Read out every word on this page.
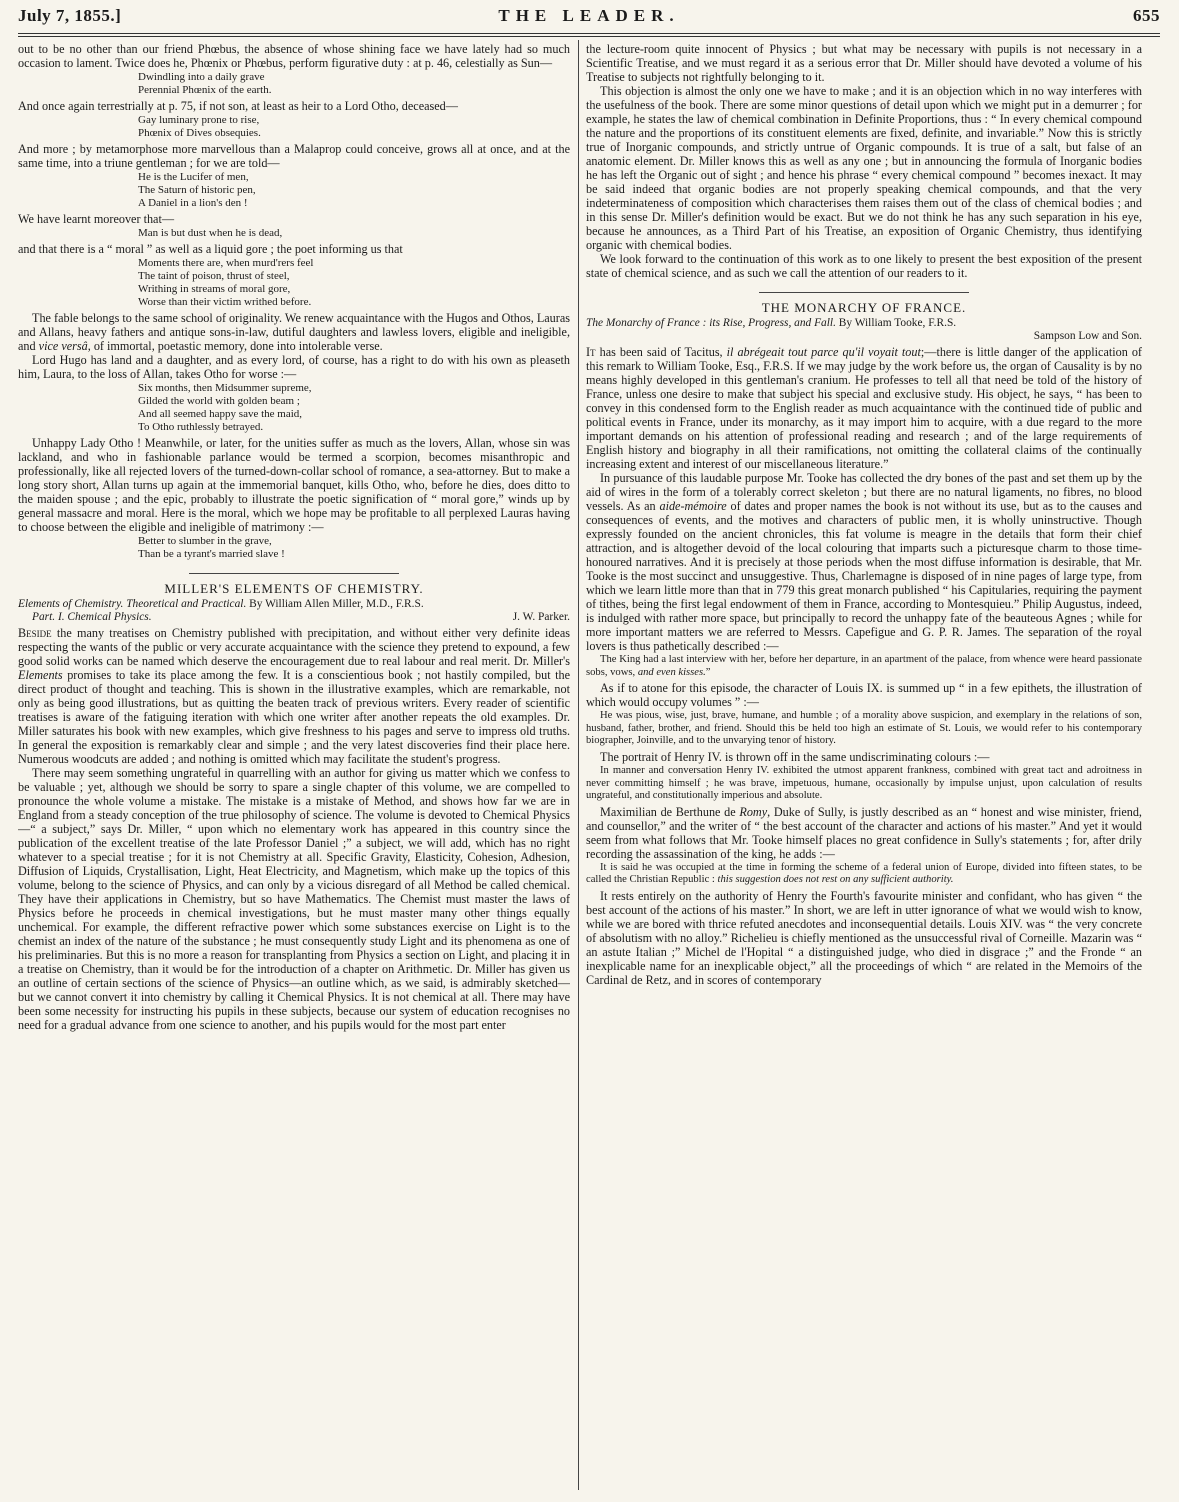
July 7, 1855.]	THE LEADER.	655

out to be no other than our friend Phœbus, the absence of whose shining face we have lately had so much occasion to lament. Twice does he, Phœnix or Phœbus, perform figurative duty : at p. 46, celestially as Sun—

Dwindling into a daily grave
Perennial Phœnix of the earth.

And once again terrestrially at p. 75, if not son, at least as heir to a Lord Otho, deceased—

Gay luminary prone to rise,
Phœnix of Dives obsequies.

And more ; by metamorphose more marvellous than a Malaprop could conceive, grows all at once, and at the same time, into a triune gentleman ; for we are told—

He is the Lucifer of men,
The Saturn of historic pen,
A Daniel in a lion's den !

We have learnt moreover that—

Man is but dust when he is dead,

and that there is a “ moral ” as well as a liquid gore ; the poet informing us that

Moments there are, when murd'rers feel
The taint of poison, thrust of steel,
Writhing in streams of moral gore,
Worse than their victim writhed before.

The fable belongs to the same school of originality. We renew acquaintance with the Hugos and Othos, Lauras and Allans, heavy fathers and antique sons-in-law, dutiful daughters and lawless lovers, eligible and ineligible, and vice versâ, of immortal, poetastic memory, done into intolerable verse.

Lord Hugo has land and a daughter, and as every lord, of course, has a right to do with his own as pleaseth him, Laura, to the loss of Allan, takes Otho for worse :—

Six months, then Midsummer supreme,
Gilded the world with golden beam ;
And all seemed happy save the maid,
To Otho ruthlessly betrayed.

Unhappy Lady Otho ! Meanwhile, or later, for the unities suffer as much as the lovers, Allan, whose sin was lackland, and who in fashionable parlance would be termed a scorpion, becomes misanthropic and professionally, like all rejected lovers of the turned-down-collar school of romance, a sea-attorney. But to make a long story short, Allan turns up again at the immemorial banquet, kills Otho, who, before he dies, does ditto to the maiden spouse ; and the epic, probably to illustrate the poetic signification of “ moral gore,” winds up by general massacre and moral. Here is the moral, which we hope may be profitable to all perplexed Lauras having to choose between the eligible and ineligible of matrimony :—

Better to slumber in the grave,
Than be a tyrant's married slave !
MILLER'S ELEMENTS OF CHEMISTRY.
Elements of Chemistry. Theoretical and Practical. By William Allen Miller, M.D., F.R.S.
Part. I. Chemical Physics.	J. W. Parker.

Beside the many treatises on Chemistry published with precipitation, and without either very definite ideas respecting the wants of the public or very accurate acquaintance with the science they pretend to expound, a few good solid works can be named which deserve the encouragement due to real labour and real merit. Dr. Miller's Elements promises to take its place among the few. It is a conscientious book ; not hastily compiled, but the direct product of thought and teaching. This is shown in the illustrative examples, which are remarkable, not only as being good illustrations, but as quitting the beaten track of previous writers. Every reader of scientific treatises is aware of the fatiguing iteration with which one writer after another repeats the old examples. Dr. Miller saturates his book with new examples, which give freshness to his pages and serve to impress old truths. In general the exposition is remarkably clear and simple ; and the very latest discoveries find their place here. Numerous woodcuts are added ; and nothing is omitted which may facilitate the student's progress.

There may seem something ungrateful in quarrelling with an author for giving us matter which we confess to be valuable ; yet, although we should be sorry to spare a single chapter of this volume, we are compelled to pronounce the whole volume a mistake. The mistake is a mistake of Method, and shows how far we are in England from a steady conception of the true philosophy of science. The volume is devoted to Chemical Physics—“ a subject,” says Dr. Miller, “ upon which no elementary work has appeared in this country since the publication of the excellent treatise of the late Professor Daniel ;” a subject, we will add, which has no right whatever to a special treatise ; for it is not Chemistry at all. Specific Gravity, Elasticity, Cohesion, Adhesion, Diffusion of Liquids, Crystallisation, Light, Heat Electricity, and Magnetism, which make up the topics of this volume, belong to the science of Physics, and can only by a vicious disregard of all Method be called chemical. They have their applications in Chemistry, but so have Mathematics. The Chemist must master the laws of Physics before he proceeds in chemical investigations, but he must master many other things equally unchemical. For example, the different refractive power which some substances exercise on Light is to the chemist an index of the nature of the substance ; he must consequently study Light and its phenomena as one of his preliminaries. But this is no more a reason for transplanting from Physics a section on Light, and placing it in a treatise on Chemistry, than it would be for the introduction of a chapter on Arithmetic. Dr. Miller has given us an outline of certain sections of the science of Physics—an outline which, as we said, is admirably sketched—but we cannot convert it into chemistry by calling it Chemical Physics. It is not chemical at all. There may have been some necessity for instructing his pupils in these subjects, because our system of education recognises no need for a gradual advance from one science to another, and his pupils would for the most part enter

the lecture-room quite innocent of Physics ; but what may be necessary with pupils is not necessary in a Scientific Treatise, and we must regard it as a serious error that Dr. Miller should have devoted a volume of his Treatise to subjects not rightfully belonging to it.

This objection is almost the only one we have to make ; and it is an objection which in no way interferes with the usefulness of the book. There are some minor questions of detail upon which we might put in a demurrer ; for example, he states the law of chemical combination in Definite Proportions, thus : “ In every chemical compound the nature and the proportions of its constituent elements are fixed, definite, and invariable.” Now this is strictly true of Inorganic compounds, and strictly untrue of Organic compounds. It is true of a salt, but false of an anatomic element. Dr. Miller knows this as well as any one ; but in announcing the formula of Inorganic bodies he has left the Organic out of sight ; and hence his phrase “ every chemical compound ” becomes inexact. It may be said indeed that organic bodies are not properly speaking chemical compounds, and that the very indeterminateness of composition which characterises them raises them out of the class of chemical bodies ; and in this sense Dr. Miller's definition would be exact. But we do not think he has any such separation in his eye, because he announces, as a Third Part of his Treatise, an exposition of Organic Chemistry, thus identifying organic with chemical bodies.

We look forward to the continuation of this work as to one likely to present the best exposition of the present state of chemical science, and as such we call the attention of our readers to it.

THE MONARCHY OF FRANCE.
The Monarchy of France : its Rise, Progress, and Fall. By William Tooke, F.R.S.
Sampson Low and Son.

It has been said of Tacitus, il abrégeait tout parce qu'il voyait tout;—there is little danger of the application of this remark to William Tooke, Esq., F.R.S. If we may judge by the work before us, the organ of Causality is by no means highly developed in this gentleman's cranium. He professes to tell all that need be told of the history of France, unless one desire to make that subject his special and exclusive study. His object, he says, “ has been to convey in this condensed form to the English reader as much acquaintance with the continued tide of public and political events in France, under its monarchy, as it may import him to acquire, with a due regard to the more important demands on his attention of professional reading and research ; and of the large requirements of English history and biography in all their ramifications, not omitting the collateral claims of the continually increasing extent and interest of our miscellaneous literature.”

In pursuance of this laudable purpose Mr. Tooke has collected the dry bones of the past and set them up by the aid of wires in the form of a tolerably correct skeleton ; but there are no natural ligaments, no fibres, no blood vessels. As an aide-mémoire of dates and proper names the book is not without its use, but as to the causes and consequences of events, and the motives and characters of public men, it is wholly uninstructive. Though expressly founded on the ancient chronicles, this fat volume is meagre in the details that form their chief attraction, and is altogether devoid of the local colouring that imparts such a picturesque charm to those time-honoured narratives. And it is precisely at those periods when the most diffuse information is desirable, that Mr. Tooke is the most succinct and unsuggestive. Thus, Charlemagne is disposed of in nine pages of large type, from which we learn little more than that in 779 this great monarch published “ his Capitularies, requiring the payment of tithes, being the first legal endowment of them in France, according to Montesquieu.” Philip Augustus, indeed, is indulged with rather more space, but principally to record the unhappy fate of the beauteous Agnes ; while for more important matters we are referred to Messrs. Capefigue and G. P. R. James. The separation of the royal lovers is thus pathetically described :—

The King had a last interview with her, before her departure, in an apartment of the palace, from whence were heard passionate sobs, vows, and even kisses.”

As if to atone for this episode, the character of Louis IX. is summed up “ in a few epithets, the illustration of which would occupy volumes ” :—

He was pious, wise, just, brave, humane, and humble ; of a morality above suspicion, and exemplary in the relations of son, husband, father, brother, and friend. Should this be held too high an estimate of St. Louis, we would refer to his contemporary biographer, Joinville, and to the unvarying tenor of history.

The portrait of Henry IV. is thrown off in the same undiscriminating colours :—

In manner and conversation Henry IV. exhibited the utmost apparent frankness, combined with great tact and adroitness in never committing himself ; he was brave, impetuous, humane, occasionally by impulse unjust, upon calculation of results ungrateful, and constitutionally imperious and absolute.

Maximilian de Berthune de Romy, Duke of Sully, is justly described as an “ honest and wise minister, friend, and counsellor,” and the writer of “ the best account of the character and actions of his master.” And yet it would seem from what follows that Mr. Tooke himself places no great confidence in Sully's statements ; for, after drily recording the assassination of the king, he adds :—

It is said he was occupied at the time in forming the scheme of a federal union of Europe, divided into fifteen states, to be called the Christian Republic : this suggestion does not rest on any sufficient authority.

It rests entirely on the authority of Henry the Fourth's favourite minister and confidant, who has given “ the best account of the actions of his master.” In short, we are left in utter ignorance of what we would wish to know, while we are bored with thrice refuted anecdotes and inconsequential details. Louis XIV. was “ the very concrete of absolutism with no alloy.” Richelieu is chiefly mentioned as the unsuccessful rival of Corneille. Mazarin was “ an astute Italian ;” Michel de l'Hopital “ a distinguished judge, who died in disgrace ;” and the Fronde “ an inexplicable name for an inexplicable object,” all the proceedings of which “ are related in the Memoirs of the Cardinal de Retz, and in scores of contemporary
